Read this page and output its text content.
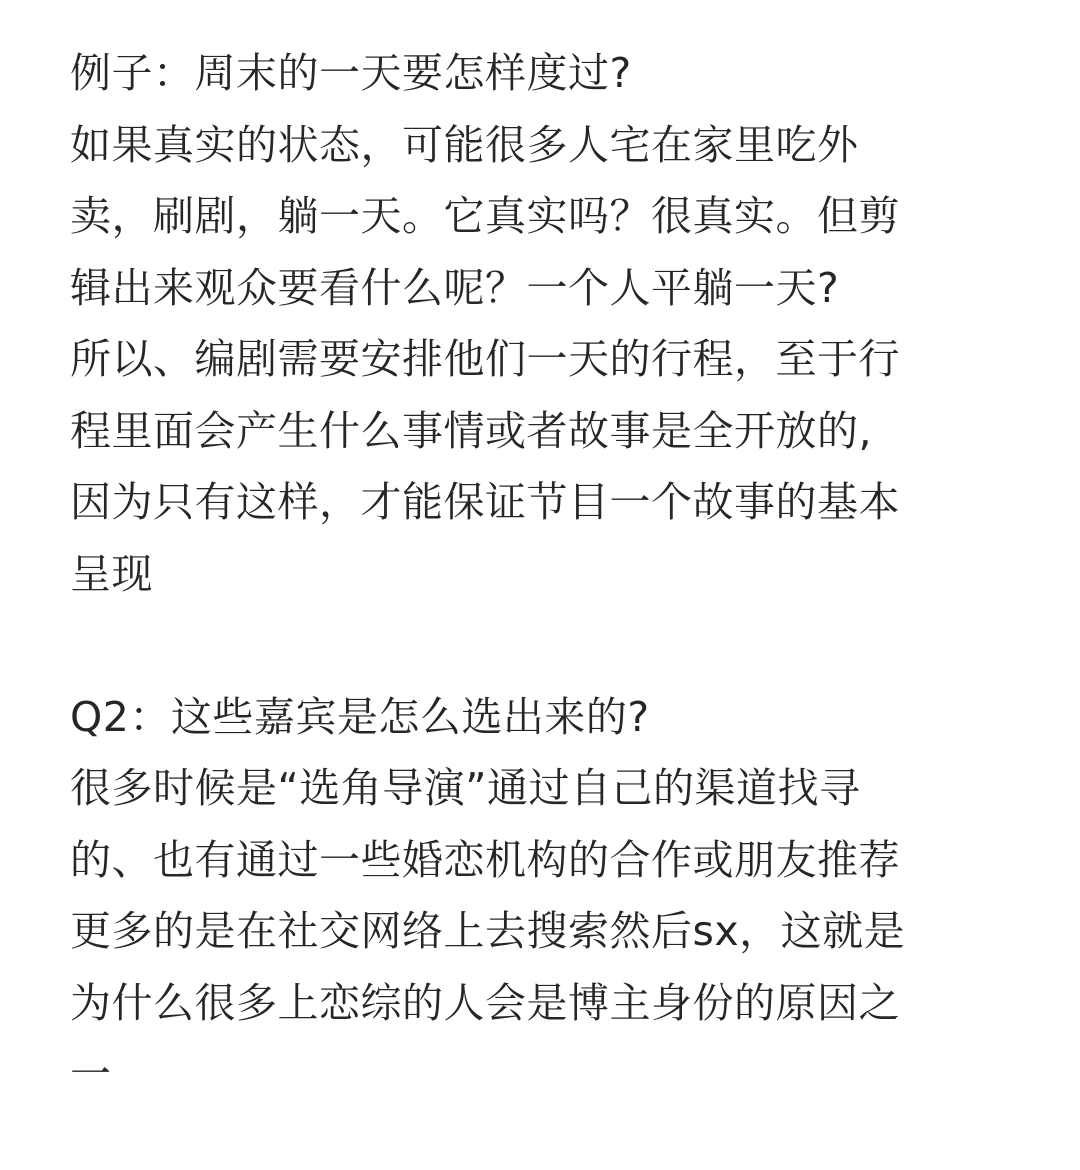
例子：周末的一天要怎样度过?
如果真实的状态，可能很多人宅在家里吃外
卖，刷剧，躺一天。它真实吗？很真实。但剪
辑出来观众要看什么呢？一个人平躺一天?
所以、编剧需要安排他们一天的行程，至于行
程里面会产生什么事情或者故事是全开放的,
因为只有这样，才能保证节目一个故事的基本
呈现
Q2：这些嘉宾是怎么选出来的?
很多时候是“选角导演”通过自己的渠道找寻
的、也有通过一些婚恋机构的合作或朋友推荐
更多的是在社交网络上去搜索然后sx，这就是
为什么很多上恋综的人会是博主身份的原因之
一
